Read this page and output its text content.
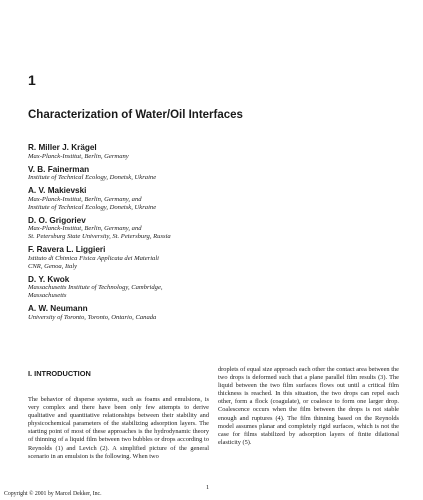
1
Characterization of Water/Oil Interfaces
R. Miller J. Krägel
Max-Planck-Institut, Berlin, Germany
V. B. Fainerman
Institute of Technical Ecology, Donetsk, Ukraine
A. V. Makievski
Max-Planck-Institut, Berlin, Germany, and
Institute of Technical Ecology, Donetsk, Ukraine
D. O. Grigoriev
Max-Planck-Institut, Berlin, Germany, and
St. Petersburg State University, St. Petersburg, Russia
F. Ravera L. Liggieri
Istituto di Chimica Fisica Applicata dei Materiali
CNR, Genoa, Italy
D. Y. Kwok
Massachusetts Institute of Technology, Cambridge,
Massachusetts
A. W. Neumann
University of Toronto, Toronto, Ontario, Canada
I. INTRODUCTION

The behavior of disperse systems, such as foams and emulsions, is very complex and there have been only few attempts to derive qualitative and quantitative relationships between their stability and physicochemical parameters of the stabilizing adsorption layers. The starting point of most of these approaches is the hydrodynamic theory of thinning of a liquid film between two bubbles or drops according to Reynolds (1) and Levich (2). A simplified picture of the general scenario in an emulsion is the following. When two

droplets of equal size approach each other the contact area between the two drops is deformed such that a plane parallel film results (3). The liquid between the two film surfaces flows out until a critical film thickness is reached. In this situation, the two drops can repel each other, form a flock (coagulate), or coalesce to form one larger drop. Coalescence occurs when the film between the drops is not stable enough and ruptures (4). The film thinning based on the Reynolds model assumes planar and completely rigid surfaces, which is not the case for films stabilized by adsorption layers of finite dilational elasticity (5).

1
Copyright © 2001 by Marcel Dekker, Inc.
